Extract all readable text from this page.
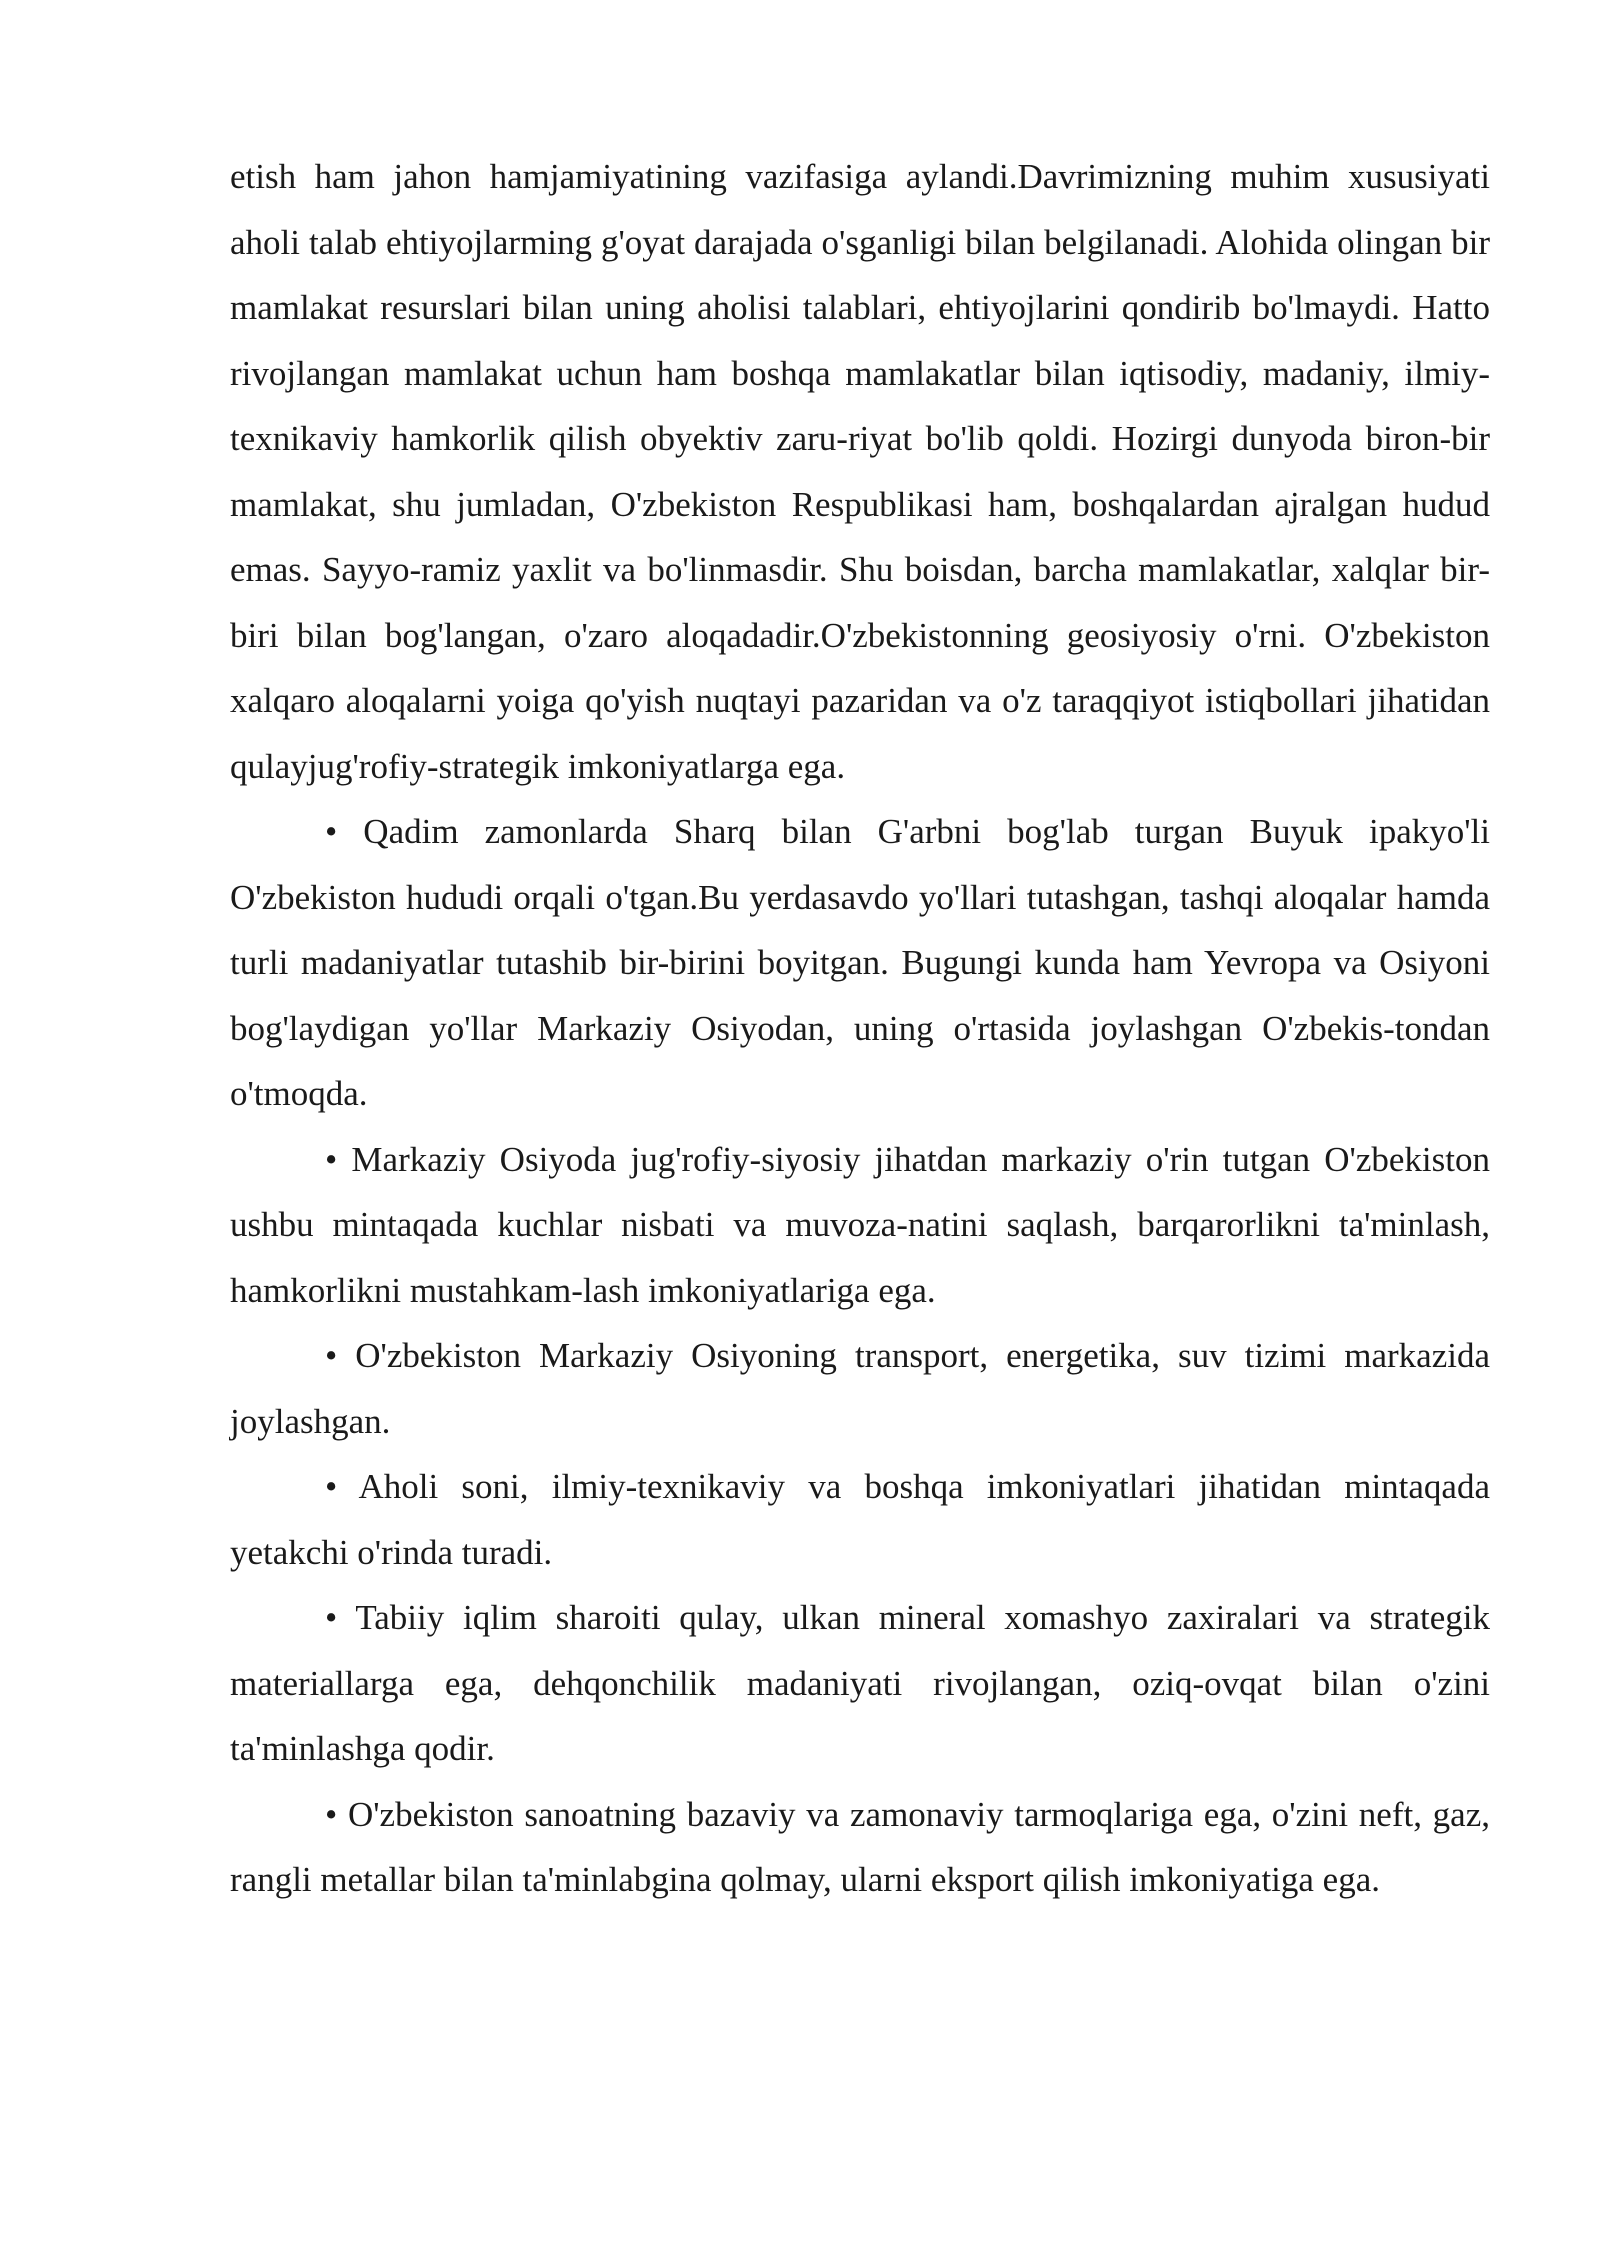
etish ham jahon hamjamiyatining vazifasiga aylandi.Davrimizning muhim xususiyati aholi talab ehtiyojlarming g'oyat darajada o'sganligi bilan belgilanadi. Alohida olingan bir mamlakat resurslari bilan uning aholisi talablari, ehtiyojlarini qondirib bo'lmaydi. Hatto rivojlangan mamlakat uchun ham boshqa mamlakatlar bilan iqtisodiy, madaniy, ilmiy-texnikaviy hamkorlik qilish obyektiv zaru-riyat bo'lib qoldi. Hozirgi dunyoda biron-bir mamlakat, shu jumladan, O'zbekiston Respublikasi ham, boshqalardan ajralgan hudud emas. Sayyo-ramiz yaxlit va bo'linmasdir. Shu boisdan, barcha mamlakatlar, xalqlar bir-biri bilan bog'langan, o'zaro aloqadadir.O'zbekistonning geosiyosiy o'rni. O'zbekiston xalqaro aloqalarni yoiga qo'yish nuqtayi pazaridan va o'z taraqqiyot istiqbollari jihatidan qulayjug'rofiy-strategik imkoniyatlarga ega.

• Qadim zamonlarda Sharq bilan G'arbni bog'lab turgan Buyuk ipakyo'li O'zbekiston hududi orqali o'tgan.Bu yerdasavdo yo'llari tutashgan, tashqi aloqalar hamda turli madaniyatlar tutashib bir-birini boyitgan. Bugungi kunda ham Yevropa va Osiyoni bog'laydigan yo'llar Markaziy Osiyodan, uning o'rtasida joylashgan O'zbekis-tondan o'tmoqda.

• Markaziy Osiyoda jug'rofiy-siyosiy jihatdan markaziy o'rin tutgan O'zbekiston ushbu mintaqada kuchlar nisbati va muvoza-natini saqlash, barqarorlikni ta'minlash, hamkorlikni mustahkam-lash imkoniyatlariga ega.

• O'zbekiston Markaziy Osiyoning transport, energetika, suv tizimi markazida joylashgan.

• Aholi soni, ilmiy-texnikaviy va boshqa imkoniyatlari jihatidan mintaqada yetakchi o'rinda turadi.

• Tabiiy iqlim sharoiti qulay, ulkan mineral xomashyo zaxiralari va strategik materiallarga ega, dehqonchilik madaniyati rivojlangan, oziq-ovqat bilan o'zini ta'minlashga qodir.

• O'zbekiston sanoatning bazaviy va zamonaviy tarmoqlariga ega, o'zini neft, gaz, rangli metallar bilan ta'minlabgina qolmay, ularni eksport qilish imkoniyatiga ega.
